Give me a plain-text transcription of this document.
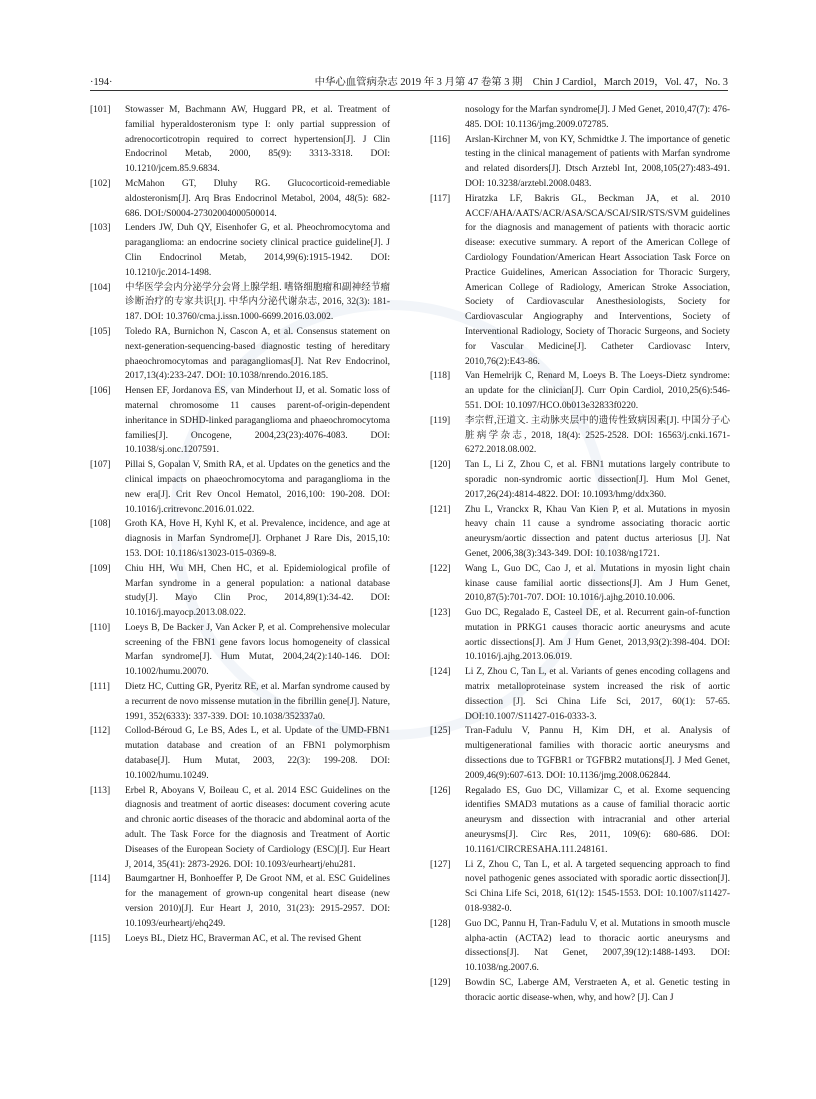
·194·	中华心血管病杂志 2019 年 3 月第 47 卷第 3 期　Chin J Cardiol，March 2019，Vol. 47，No. 3
[101]	Stowasser M, Bachmann AW, Huggard PR, et al. Treatment of familial hyperaldosteronism type I: only partial suppression of adrenocorticotropin required to correct hypertension[J]. J Clin Endocrinol Metab, 2000, 85(9): 3313-3318. DOI: 10.1210/jcem.85.9.6834.
[102]	McMahon GT, Dluhy RG. Glucocorticoid-remediable aldosteronism[J]. Arq Bras Endocrinol Metabol, 2004, 48(5): 682-686. DOI:/S0004-27302004000500014.
[103]	Lenders JW, Duh QY, Eisenhofer G, et al. Pheochromocytoma and paraganglioma: an endocrine society clinical practice guideline[J]. J Clin Endocrinol Metab, 2014,99(6):1915-1942. DOI: 10.1210/jc.2014-1498.
[104]	中华医学会内分泌学分会肾上腺学组. 嗜铬细胞瘤和副神经节瘤诊断治疗的专家共识[J]. 中华内分泌代谢杂志, 2016, 32(3): 181-187. DOI: 10.3760/cma.j.issn.1000-6699.2016.03.002.
[105]	Toledo RA, Burnichon N, Cascon A, et al. Consensus statement on next-generation-sequencing-based diagnostic testing of hereditary phaeochromocytomas and paragangliomas[J]. Nat Rev Endocrinol, 2017,13(4):233-247. DOI: 10.1038/nrendo.2016.185.
[106]	Hensen EF, Jordanova ES, van Minderhout IJ, et al. Somatic loss of maternal chromosome 11 causes parent-of-origin-dependent inheritance in SDHD-linked paraganglioma and phaeochromocytoma families[J]. Oncogene, 2004,23(23):4076-4083. DOI: 10.1038/sj.onc.1207591.
[107]	Pillai S, Gopalan V, Smith RA, et al. Updates on the genetics and the clinical impacts on phaeochromocytoma and paraganglioma in the new era[J]. Crit Rev Oncol Hematol, 2016,100: 190-208. DOI: 10.1016/j.critrevonc.2016.01.022.
[108]	Groth KA, Hove H, Kyhl K, et al. Prevalence, incidence, and age at diagnosis in Marfan Syndrome[J]. Orphanet J Rare Dis, 2015,10: 153. DOI: 10.1186/s13023-015-0369-8.
[109]	Chiu HH, Wu MH, Chen HC, et al. Epidemiological profile of Marfan syndrome in a general population: a national database study[J]. Mayo Clin Proc, 2014,89(1):34-42. DOI: 10.1016/j.mayocp.2013.08.022.
[110]	Loeys B, De Backer J, Van Acker P, et al. Comprehensive molecular screening of the FBN1 gene favors locus homogeneity of classical Marfan syndrome[J]. Hum Mutat, 2004,24(2):140-146. DOI: 10.1002/humu.20070.
[111]	Dietz HC, Cutting GR, Pyeritz RE, et al. Marfan syndrome caused by a recurrent de novo missense mutation in the fibrillin gene[J]. Nature, 1991, 352(6333): 337-339. DOI: 10.1038/352337a0.
[112]	Collod-Béroud G, Le BS, Ades L, et al. Update of the UMD-FBN1 mutation database and creation of an FBN1 polymorphism database[J]. Hum Mutat, 2003, 22(3): 199-208. DOI: 10.1002/humu.10249.
[113]	Erbel R, Aboyans V, Boileau C, et al. 2014 ESC Guidelines on the diagnosis and treatment of aortic diseases: document covering acute and chronic aortic diseases of the thoracic and abdominal aorta of the adult. The Task Force for the diagnosis and Treatment of Aortic Diseases of the European Society of Cardiology (ESC)[J]. Eur Heart J, 2014, 35(41): 2873-2926. DOI: 10.1093/eurheartj/ehu281.
[114]	Baumgartner H, Bonhoeffer P, De Groot NM, et al. ESC Guidelines for the management of grown-up congenital heart disease (new version 2010)[J]. Eur Heart J, 2010, 31(23): 2915-2957. DOI: 10.1093/eurheartj/ehq249.
[115]	Loeys BL, Dietz HC, Braverman AC, et al. The revised Ghent
nosology for the Marfan syndrome[J]. J Med Genet, 2010,47(7): 476-485. DOI: 10.1136/jmg.2009.072785.
[116]	Arslan-Kirchner M, von KY, Schmidtke J. The importance of genetic testing in the clinical management of patients with Marfan syndrome and related disorders[J]. Dtsch Arztebl Int, 2008,105(27):483-491. DOI: 10.3238/arztebl.2008.0483.
[117]	Hiratzka LF, Bakris GL, Beckman JA, et al. 2010 ACCF/AHA/AATS/ACR/ASA/SCA/SCAI/SIR/STS/SVM guidelines for the diagnosis and management of patients with thoracic aortic disease: executive summary. A report of the American College of Cardiology Foundation/American Heart Association Task Force on Practice Guidelines, American Association for Thoracic Surgery, American College of Radiology, American Stroke Association, Society of Cardiovascular Anesthesiologists, Society for Cardiovascular Angiography and Interventions, Society of Interventional Radiology, Society of Thoracic Surgeons, and Society for Vascular Medicine[J]. Catheter Cardiovasc Interv, 2010,76(2):E43-86.
[118]	Van Hemelrijk C, Renard M, Loeys B. The Loeys-Dietz syndrome: an update for the clinician[J]. Curr Opin Cardiol, 2010,25(6):546-551. DOI: 10.1097/HCO.0b013e32833f0220.
[119]	李宗哲,汪道文. 主动脉夹层中的遗传性致病因素[J]. 中国分子心脏病学杂志, 2018, 18(4): 2525-2528. DOI: 16563/j.cnki.1671-6272.2018.08.002.
[120]	Tan L, Li Z, Zhou C, et al. FBN1 mutations largely contribute to sporadic non-syndromic aortic dissection[J]. Hum Mol Genet, 2017,26(24):4814-4822. DOI: 10.1093/hmg/ddx360.
[121]	Zhu L, Vranckx R, Khau Van Kien P, et al. Mutations in myosin heavy chain 11 cause a syndrome associating thoracic aortic aneurysm/aortic dissection and patent ductus arteriosus [J]. Nat Genet, 2006,38(3):343-349. DOI: 10.1038/ng1721.
[122]	Wang L, Guo DC, Cao J, et al. Mutations in myosin light chain kinase cause familial aortic dissections[J]. Am J Hum Genet, 2010,87(5):701-707. DOI: 10.1016/j.ajhg.2010.10.006.
[123]	Guo DC, Regalado E, Casteel DE, et al. Recurrent gain-of-function mutation in PRKG1 causes thoracic aortic aneurysms and acute aortic dissections[J]. Am J Hum Genet, 2013,93(2):398-404. DOI: 10.1016/j.ajhg.2013.06.019.
[124]	Li Z, Zhou C, Tan L, et al. Variants of genes encoding collagens and matrix metalloproteinase system increased the risk of aortic dissection [J]. Sci China Life Sci, 2017, 60(1): 57-65. DOI:10.1007/S11427-016-0333-3.
[125]	Tran-Fadulu V, Pannu H, Kim DH, et al. Analysis of multigenerational families with thoracic aortic aneurysms and dissections due to TGFBR1 or TGFBR2 mutations[J]. J Med Genet, 2009,46(9):607-613. DOI: 10.1136/jmg.2008.062844.
[126]	Regalado ES, Guo DC, Villamizar C, et al. Exome sequencing identifies SMAD3 mutations as a cause of familial thoracic aortic aneurysm and dissection with intracranial and other arterial aneurysms[J]. Circ Res, 2011, 109(6): 680-686. DOI: 10.1161/CIRCRESAHA.111.248161.
[127]	Li Z, Zhou C, Tan L, et al. A targeted sequencing approach to find novel pathogenic genes associated with sporadic aortic dissection[J]. Sci China Life Sci, 2018, 61(12): 1545-1553. DOI: 10.1007/s11427-018-9382-0.
[128]	Guo DC, Pannu H, Tran-Fadulu V, et al. Mutations in smooth muscle alpha-actin (ACTA2) lead to thoracic aortic aneurysms and dissections[J]. Nat Genet, 2007,39(12):1488-1493. DOI: 10.1038/ng.2007.6.
[129]	Bowdin SC, Laberge AM, Verstraeten A, et al. Genetic testing in thoracic aortic disease-when, why, and how? [J]. Can J
